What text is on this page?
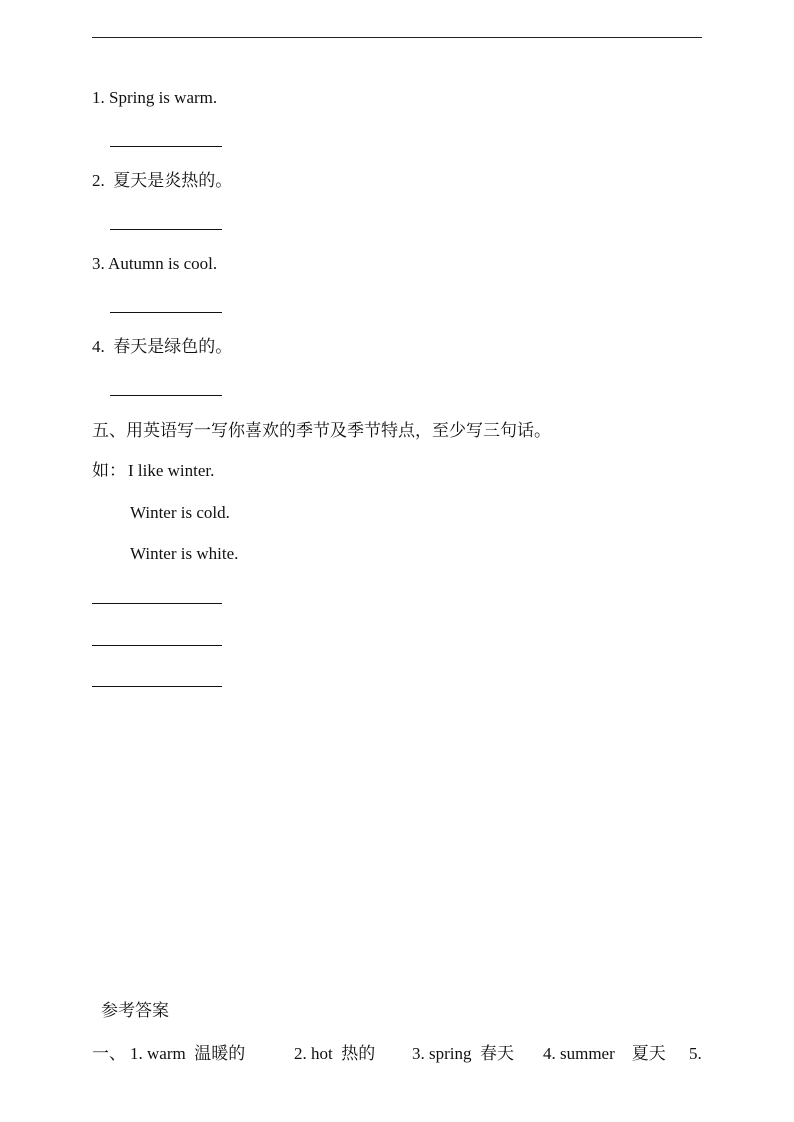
1. Spring is warm.
2.  夏天是炎热的。
3. Autumn is cool.
4.  春天是绿色的。
五、用英语写一写你喜欢的季节及季节特点，至少写三句话。
如： I like winter.
Winter is cold.
Winter is white.
参考答案
一、 1. warm  温暖的	2. hot  热的 3. spring  春天 4. summer    夏天 5.
